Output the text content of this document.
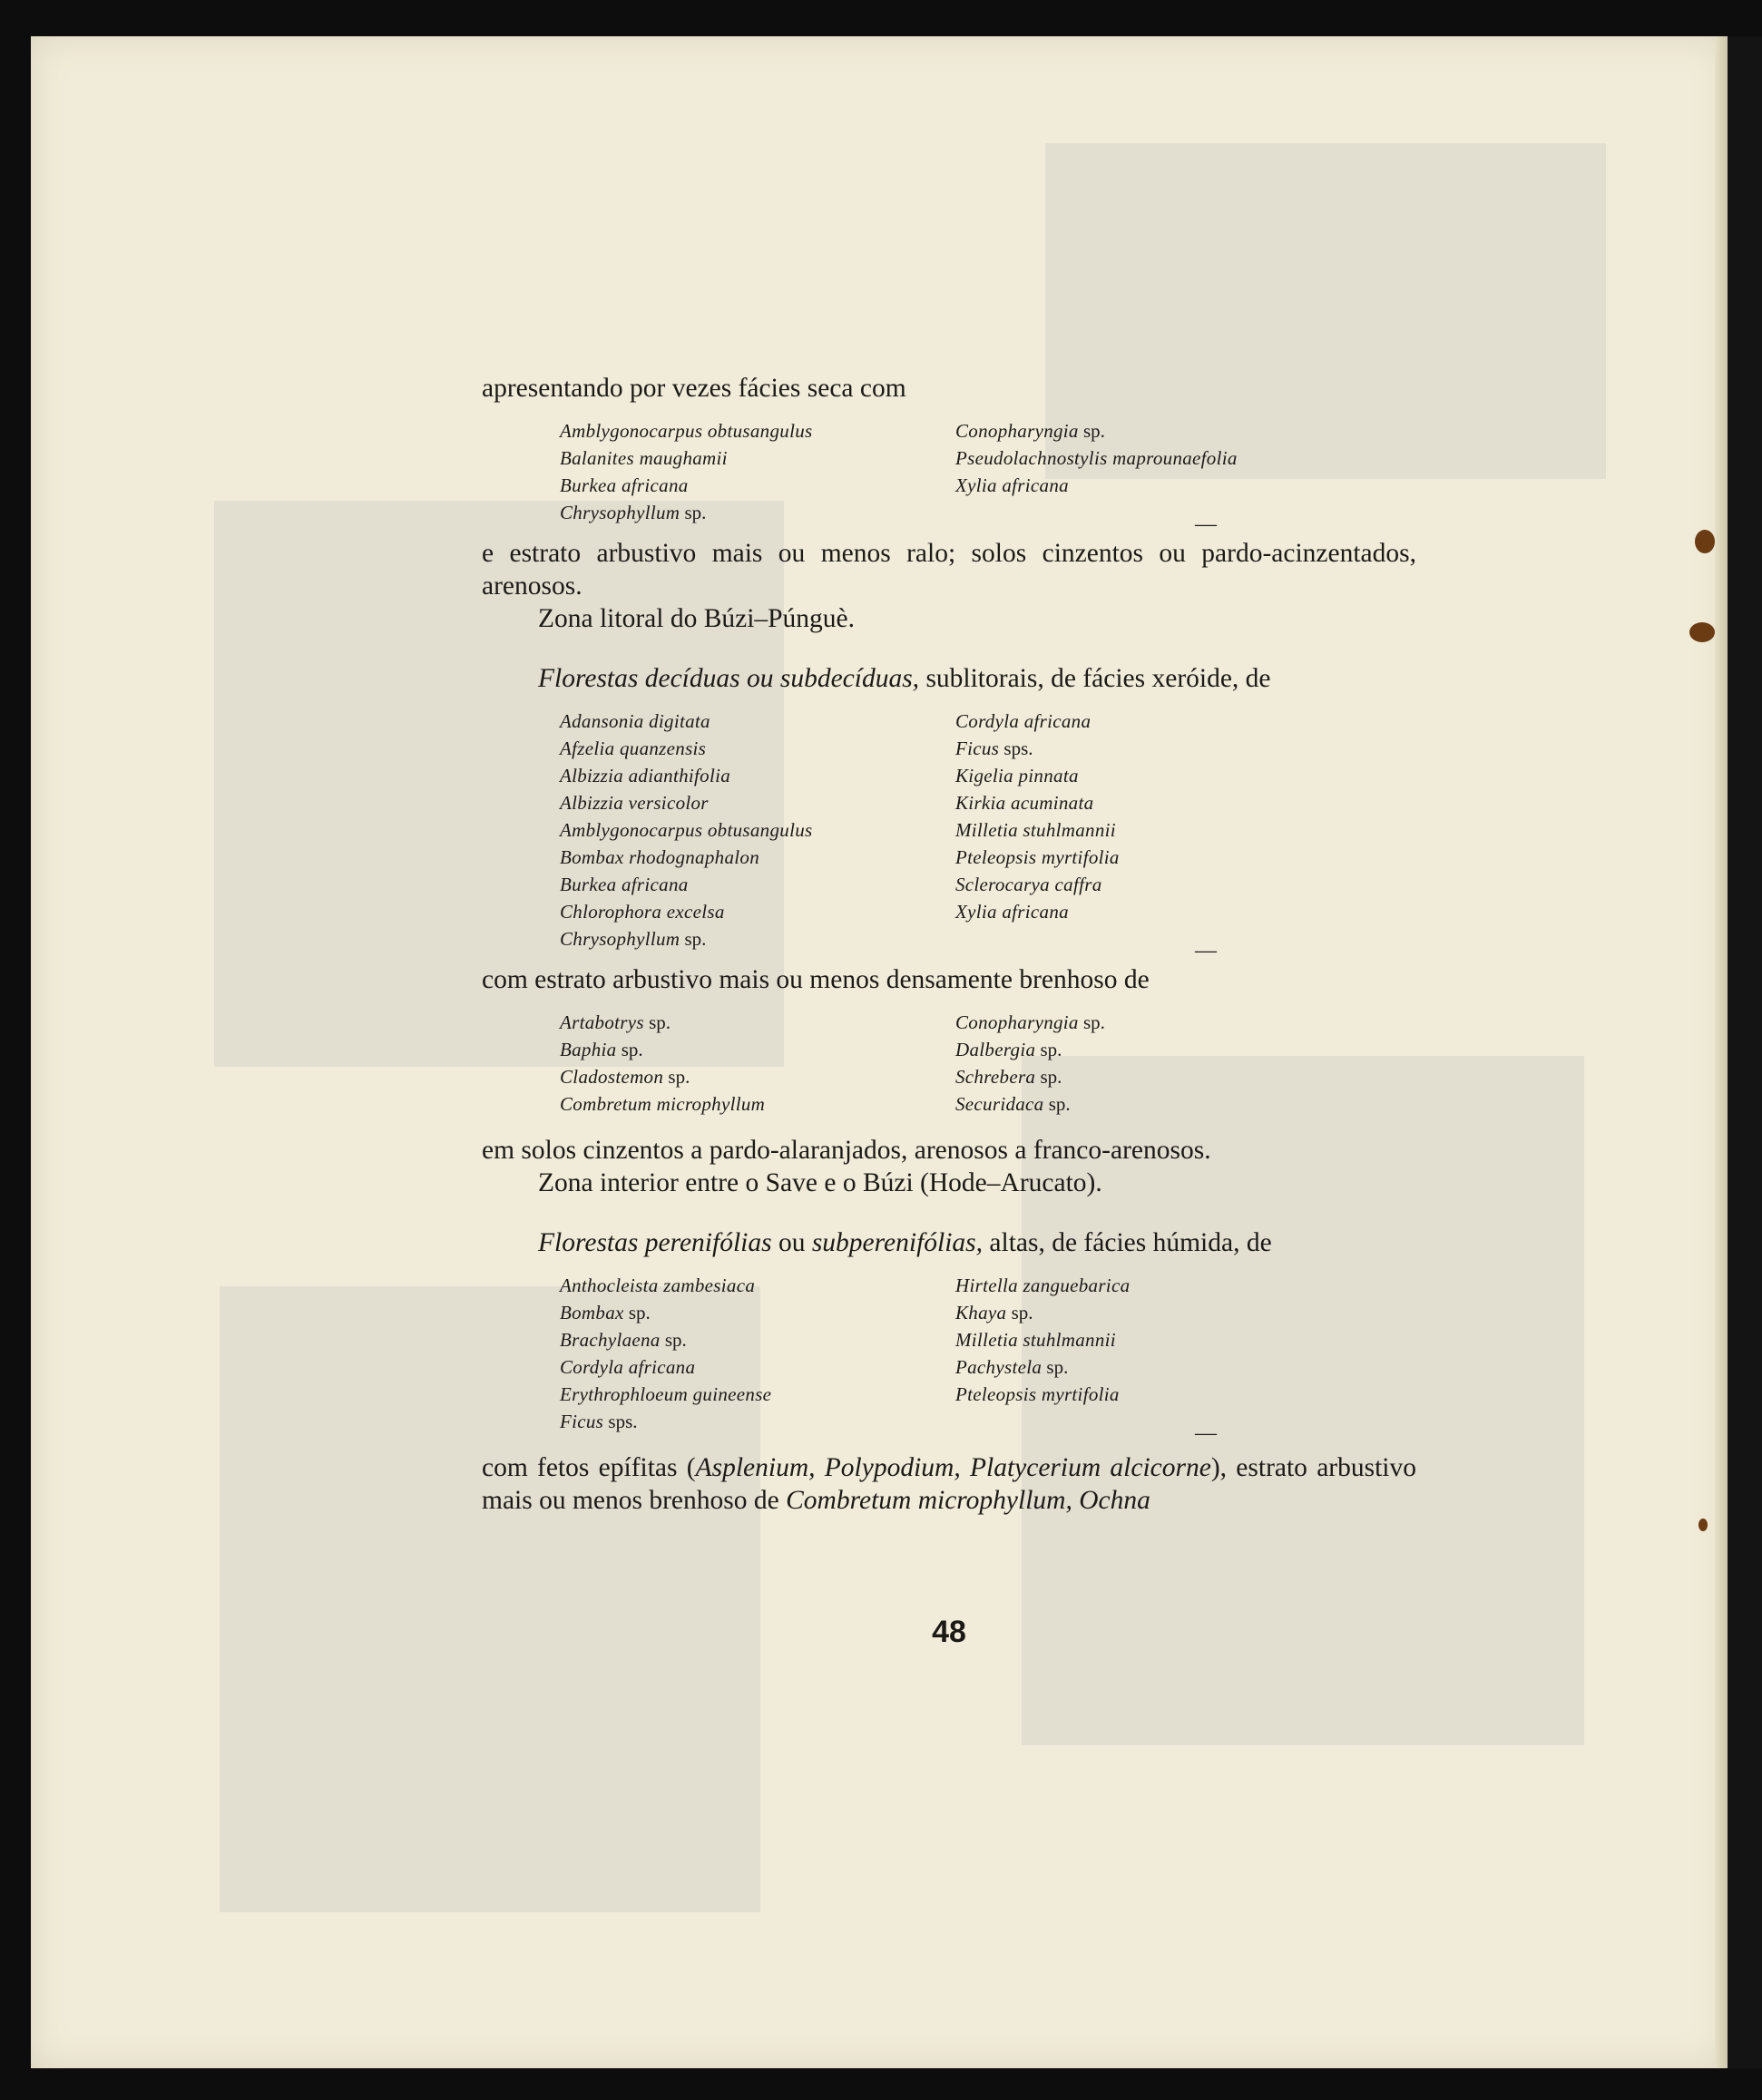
apresentando por vezes fácies seca com

Amblygonocarpus obtusangulus
Balanites maughamii
Burkea africana
Chrysophyllum sp.
Conopharyngia sp.
Pseudolachnostylis maprounaefolia
Xylia africana
—

e estrato arbustivo mais ou menos ralo; solos cinzentos ou pardo-acinzentados, arenosos.

Zona litoral do Búzi–Púnguè.

Florestas decíduas ou subdecíduas, sublitorais, de fácies xeróide, de

Adansonia digitata
Afzelia quanzensis
Albizzia adianthifolia
Albizzia versicolor
Amblygonocarpus obtusangulus
Bombax rhodognaphalon
Burkea africana
Chlorophora excelsa
Chrysophyllum sp.
Cordyla africana
Ficus sps.
Kigelia pinnata
Kirkia acuminata
Milletia stuhlmannii
Pteleopsis myrtifolia
Sclerocarya caffra
Xylia africana
—

com estrato arbustivo mais ou menos densamente brenhoso de

Artabotrys sp.
Baphia sp.
Cladostemon sp.
Combretum microphyllum
Conopharyngia sp.
Dalbergia sp.
Schrebera sp.
Securidaca sp.

em solos cinzentos a pardo-alaranjados, arenosos a franco-arenosos.

Zona interior entre o Save e o Búzi (Hode–Arucato).

Florestas perenifólias ou subperenifólias, altas, de fácies húmida, de

Anthocleista zambesiaca
Bombax sp.
Brachylaena sp.
Cordyla africana
Erythrophloeum guineense
Ficus sps.
Hirtella zanguebarica
Khaya sp.
Milletia stuhlmannii
Pachystela sp.
Pteleopsis myrtifolia
—

com fetos epífitas (Asplenium, Polypodium, Platycerium alcicorne), estrato arbustivo mais ou menos brenhoso de Combretum microphyllum, Ochna

48
